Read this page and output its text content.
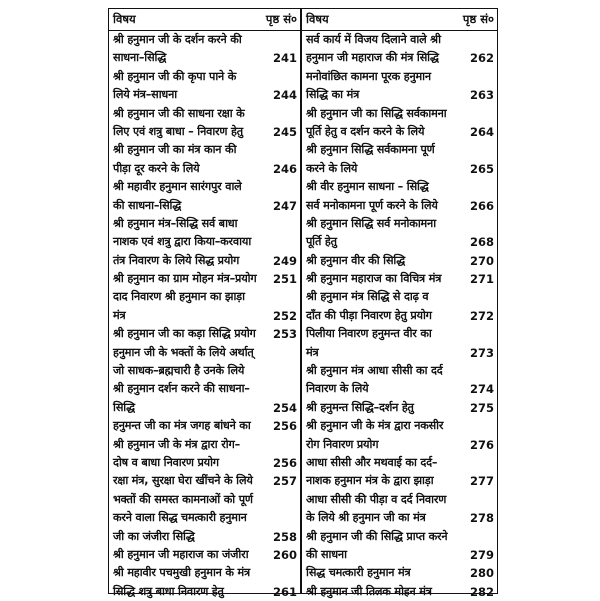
विषय	पृष्ठ सं०
श्री हनुमान जी के दर्शन करने की
साधना–सिद्धि	241
श्री हनुमान जी की कृपा पाने के
लिये मंत्र–साधना	244
श्री हनुमान जी की साधना रक्षा के
लिए एवं शत्रु बाधा – निवारण हेतु	245
श्री हनुमान जी का मंत्र कान की
पीड़ा दूर करने के लिये	246
श्री महावीर हनुमान सारंगपुर वाले
की साधना–सिद्धि	247
श्री हनुमान मंत्र–सिद्धि सर्व बाधा
नाशक एवं शत्रु द्वारा किया–करवाया
तंत्र निवारण के लिये सिद्ध प्रयोग	249
श्री हनुमान का ग्राम मोहन मंत्र–प्रयोग 251
दाद निवारण श्री हनुमान का झाड़ा
मंत्र	252
श्री हनुमान जी का कड़ा सिद्धि प्रयोग 253
हनुमान जी के भक्तों के लिये अर्थात्
जो साधक–ब्रह्मचारी है उनके लिये
श्री हनुमान दर्शन करने की साधना–
सिद्धि	254
हनुमन्त जी का मंत्र जगह बांधने का 256
श्री हनुमान जी के मंत्र द्वारा रोग–
दोष व बाधा निवारण प्रयोग	256
रक्षा मंत्र, सुरक्षा घेरा खींचने के लिये 257
भक्तों की समस्त कामनाओं को पूर्ण
करने वाला सिद्ध चमत्कारी हनुमान
जी का जंजीरा सिद्धि	258
श्री हनुमान जी महाराज का जंजीरा 260
श्री महावीर पचमुखी हनुमान के मंत्र
सिद्धि शत्रु बाधा निवारण हेतु	261
विषय	पृष्ठ सं०
सर्व कार्य में विजय दिलाने वाले श्री
हनुमान जी महाराज की मंत्र सिद्धि	262
मनोवांछित कामना पूरक हनुमान
सिद्धि का मंत्र	263
श्री हनुमान जी का सिद्धि सर्वकामना
पूर्ति हेतु व दर्शन करने के लिये	264
श्री हनुमान सिद्धि सर्वकामना पूर्ण
करने के लिये	265
श्री वीर हनुमान साधना – सिद्धि
सर्व मनोकामना पूर्ण करने के लिये	266
श्री हनुमान सिद्धि सर्व मनोकामना
पूर्ति हेतु	268
श्री हनुमान वीर की सिद्धि	270
श्री हनुमान महाराज का विचित्र मंत्र	271
श्री हनुमान मंत्र सिद्धि से दाढ़ व
दाँत की पीड़ा निवारण हेतु प्रयोग	272
पिलीया निवारण हनुमन्त वीर का
मंत्र	273
श्री हनुमान मंत्र आधा सीसी का दर्द
निवारण के लिये	274
श्री हनुमन्त सिद्धि–दर्शन हेतु	275
श्री हनुमान जी के मंत्र द्वारा नकसीर
रोग निवारण प्रयोग	276
आधा सीसी और मथवाई का दर्द–
नाशक हनुमान मंत्र के द्वारा झाड़ा	277
आधा सीसी की पीड़ा व दर्द निवारण
के लिये श्री हनुमान जी का मंत्र	278
श्री हनुमान जी की सिद्धि प्राप्त करने
की साधना	279
सिद्ध चमत्कारी हनुमान मंत्र	280
श्री हनुमान जी तिलक मोहन मंत्र	282
